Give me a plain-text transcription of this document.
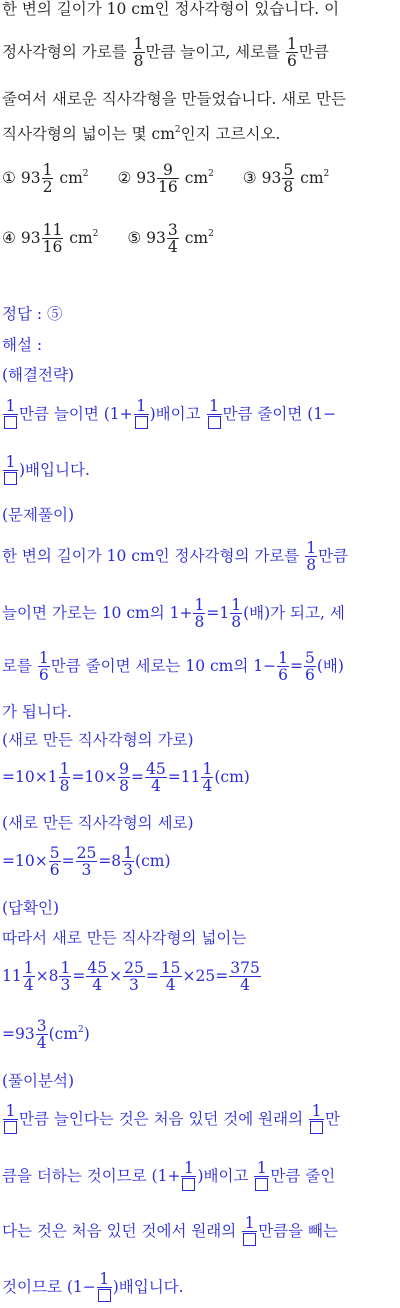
한 변의 길이가 10 cm인 정사각형이 있습니다. 이
정사각형의 가로를 $\frac{1}{8}$ 만큼 늘이고, 세로를 $\frac{1}{6}$ 만큼
줄여서 새로운 직사각형을 만들었습니다. 새로 만든
직사각형의 넓이는 몇 $cm^2$인지 고르시오.
① $93 \frac{1}{2} cm^2$ ② $93 \frac{9}{16} cm^2$ ③ $93 \frac{5}{8} cm^2$
④ $93 \frac{11}{16} cm^2$ ⑤ $93 \frac{3}{4} cm^2$
정답 : ⑤
해설 :
(해결전략)
1 만큼 늘이면 (1+ 1 )배이고 1 만큼 줄이면 (1−
1 )배입니다.
(문제풀이)
한 변의 길이가 10 cm인 정사각형의 가로를 $\frac{1}{8}$ 만큼
늘이면 가로는 10 cm의 $1+ \frac{1}{8} =1 \frac{1}{8}$ (배)가 되고, 세
로를 $\frac{1}{6}$ 만큼 줄이면 세로는 10 cm의 $1- \frac{1}{6} = \frac{5}{6}$ (배)
가 됩니다.
(새로 만든 직사각형의 가로)
$=10\times 1 \frac{1}{8} =10\times \frac{9}{8} = \frac{45}{4} =11 \frac{1}{4} (cm)$
(새로 만든 직사각형의 세로)
$=10\times \frac{5}{6} = \frac{25}{3} =8 \frac{1}{3} (cm)$
(답확인)
따라서 새로 만든 직사각형의 넓이는
$11 \frac{1}{4} \times 8 \frac{1}{3} = \frac{45}{4} \times \frac{25}{3} = \frac{15}{4} \times 25= \frac{375}{4}$
$=93 \frac{3}{4} (cm^2)$
(풀이분석)
1 만큼 늘인다는 것은 처음 있던 것에 원래의 1 만
큼을 더하는 것이므로 (1+ 1 )배이고 1 만큼 줄인
다는 것은 처음 있던 것에서 원래의 1 만큼을 빼는
것이므로 (1− 1 )배입니다.
